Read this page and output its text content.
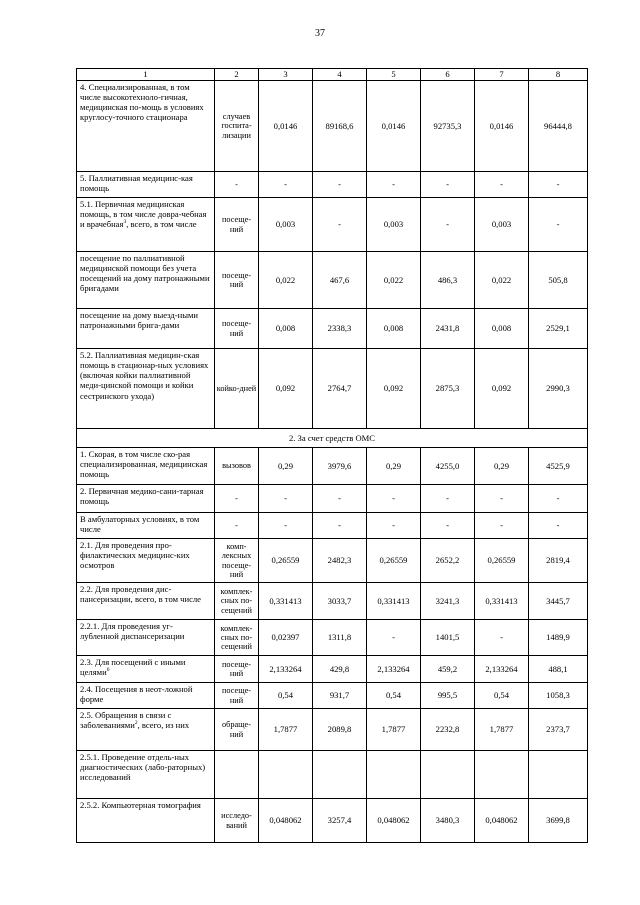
37
1	2	3	4	5	6	7	8
4. Специализированная, в том числе высокотехноло-гичная, медицинская по-мощь в условиях круглосу-точного стационара	случаев госпита-лизации	0,0146	89168,6	0,0146	92735,3	0,0146	96444,8
5. Паллиативная медицинс-кая помощь	-	-	-	-	-	-	-
5.1. Первичная медицинская помощь, в том числе довра-чебная и врачебная$^3$, всего, в том числе	посеще-ний	0,003	-	0,003	-	0,003	-
посещение по паллиативной медицинской помощи без учета посещений на дому патронажными бригадами	посеще-ний	0,022	467,6	0,022	486,3	0,022	505,8
посещение на дому выезд-ными патронажными брига-дами	посеще-ний	0,008	2338,3	0,008	2431,8	0,008	2529,1
5.2. Паллиативная медицин-ская помощь в стационар-ных условиях (включая койки паллиативной меди-цинской помощи и койки сестринского ухода)	койко-дней	0,092	2764,7	0,092	2875,3	0,092	2990,3
2. За счет средств ОМС							
1. Скорая, в том числе ско-рая специализированная, медицинская помощь	вызовов	0,29	3979,6	0,29	4255,0	0,29	4525,9
2. Первичная медико-сани-тарная помощь	-	-	-	-	-	-	-
В амбулаторных условиях, в том числе	-	-	-	-	-	-	-
2.1. Для проведения про-филактических медицинс-ких осмотров	комп-лексных посеще-ний	0,26559	2482,3	0,26559	2652,2	0,26559	2819,4
2.2. Для проведения дис-пансеризации, всего, в том числе	комплек-сных по-сещений	0,331413	3033,7	0,331413	3241,3	0,331413	3445,7
2.2.1. Для проведения уг-лубленной диспансеризации	комплек-сных по-сещений	0,02397	1311,8	-	1401,5	-	1489,9
2.3. Для посещений с иными целями$^6$	посеще-ний	2,133264	429,8	2,133264	459,2	2,133264	488,1
2.4. Посещения в неот-ложной форме	посеще-ний	0,54	931,7	0,54	995,5	0,54	1058,3
2.5. Обращения в связи с заболеваниями$^2$, всего, из них	обраще-ний	1,7877	2089,8	1,7877	2232,8	1,7877	2373,7
2.5.1. Проведение отдель-ных диагностических (лабо-раторных) исследований							
2.5.2. Компьютерная томография	исследо-ваний	0,048062	3257,4	0,048062	3480,3	0,048062	3699,8
